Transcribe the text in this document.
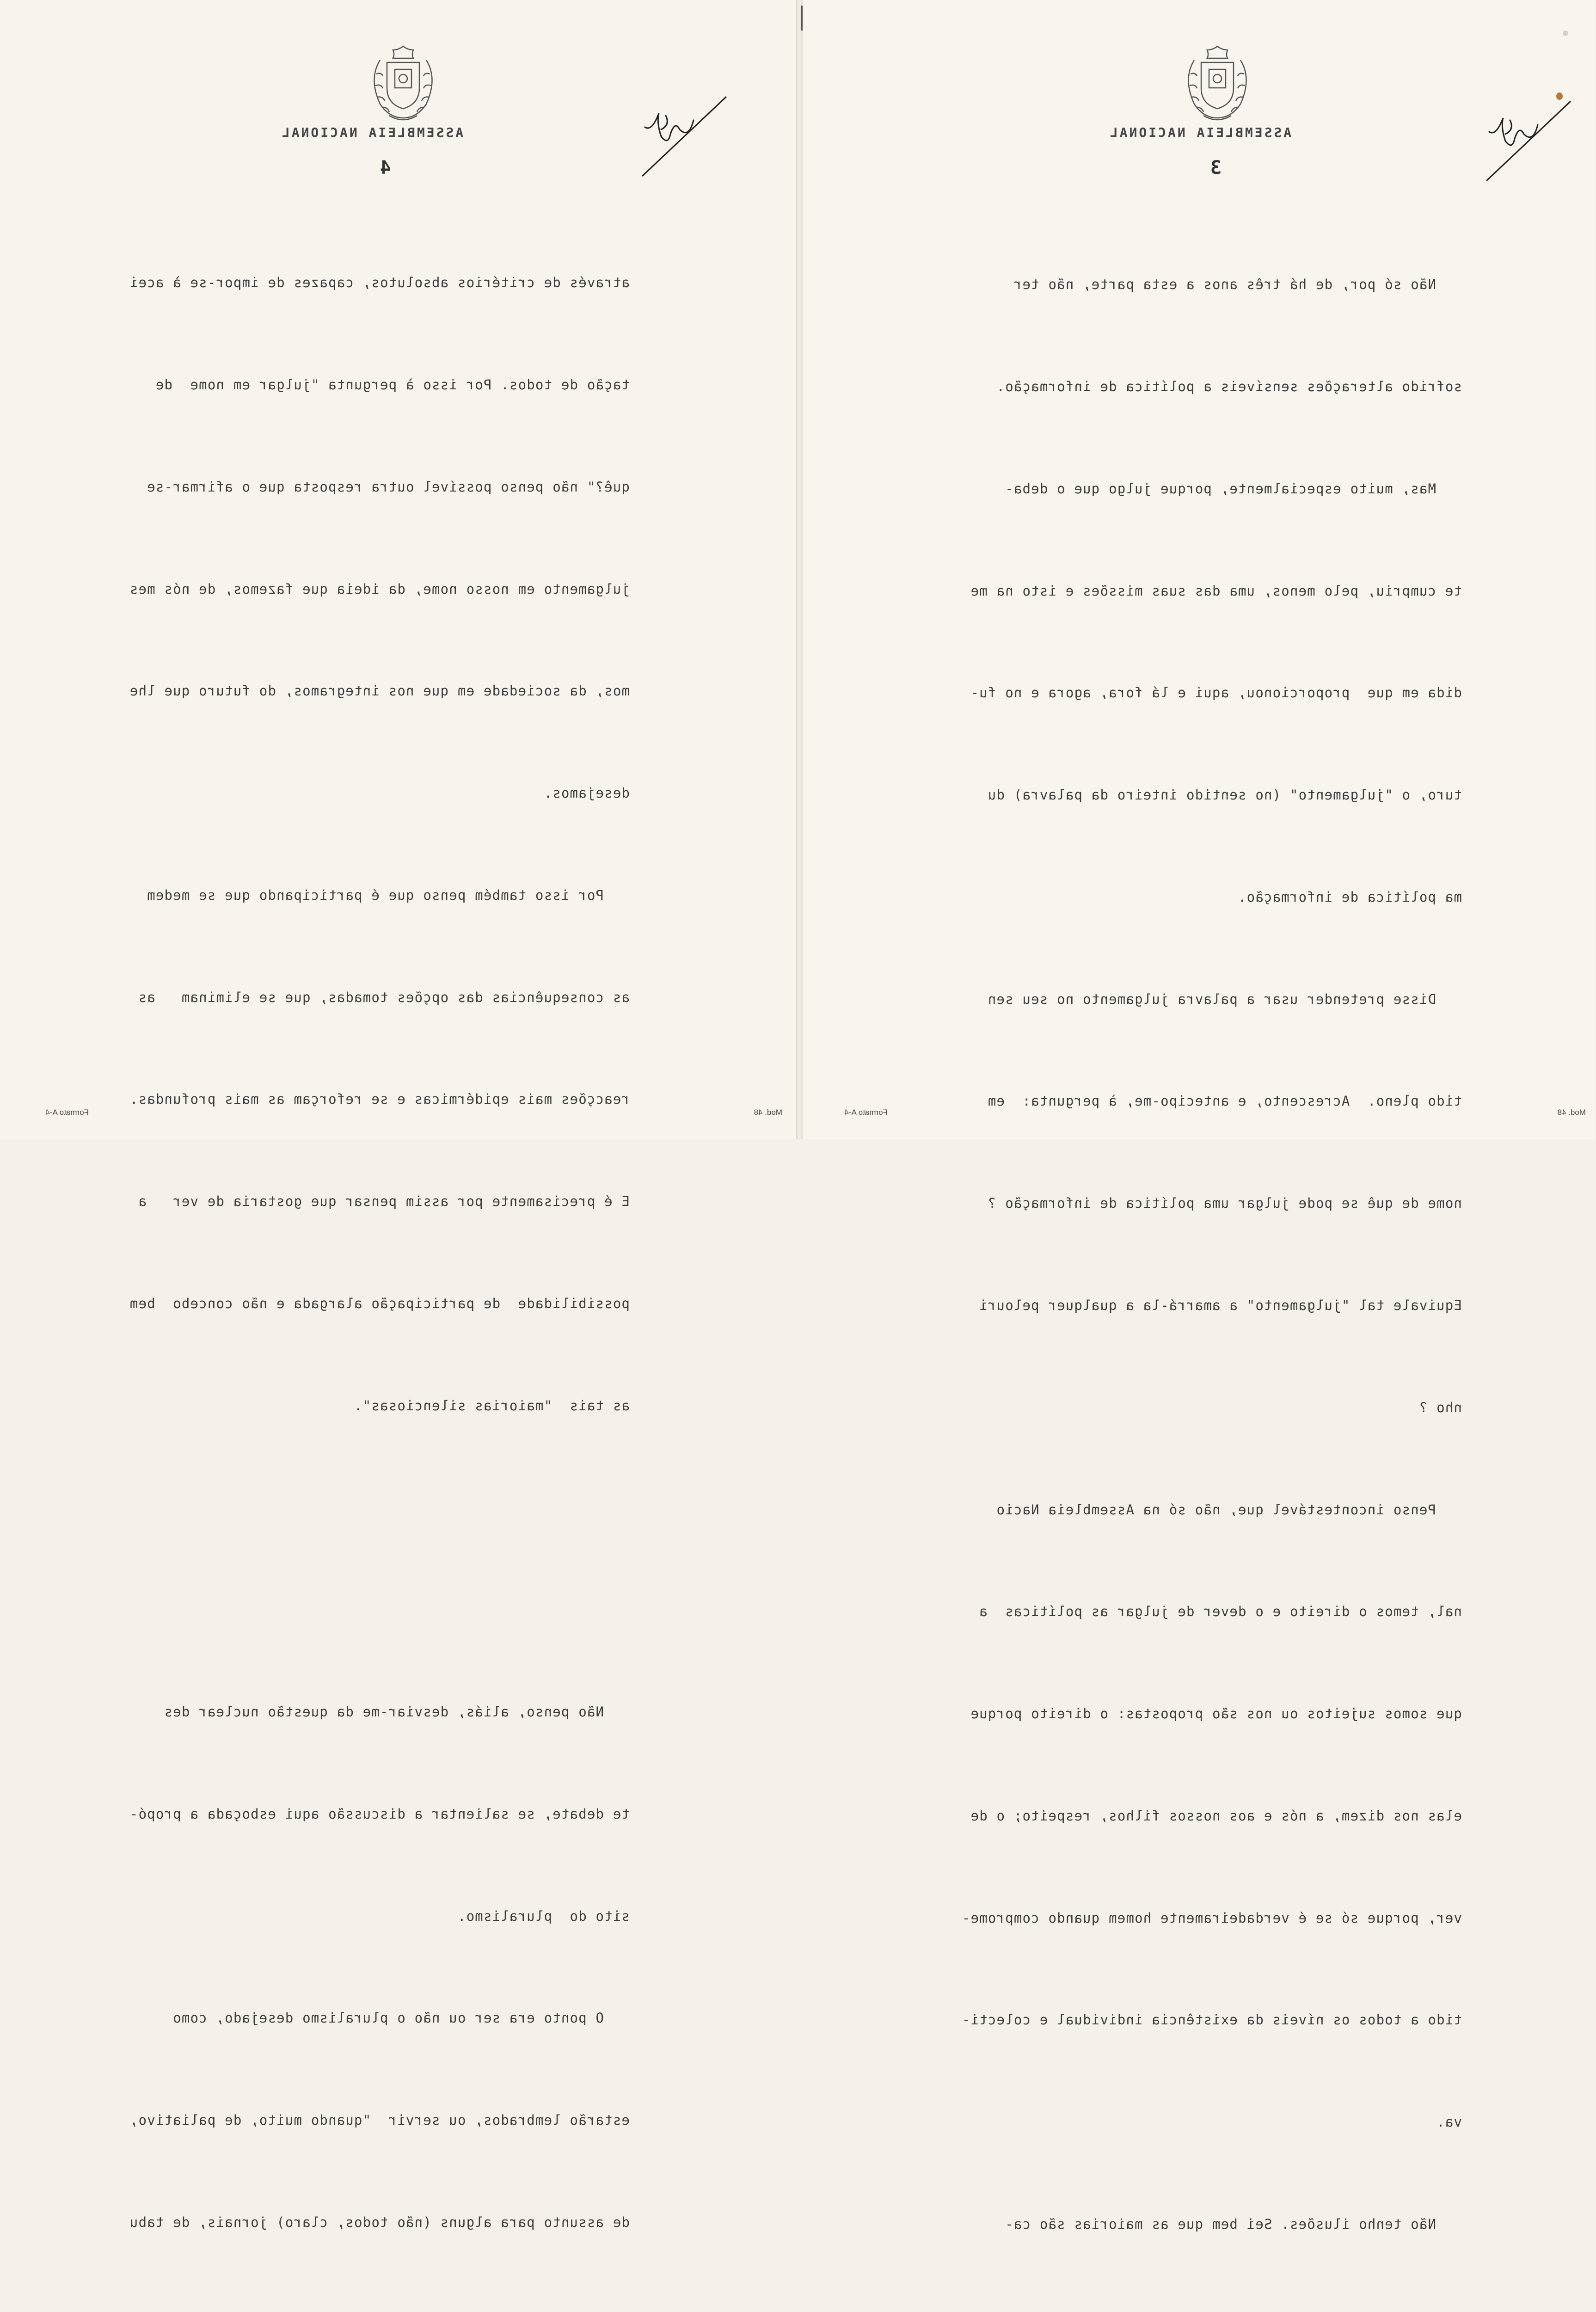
ASSEMBLEIA NACIONAL
4

através de critérios absolutos, capazes de impor-se à acei

tação de todos. Por isso à pergunta "julgar em nome  de

quê?" não penso possível outra resposta que o afirmar-se

julgamento em nosso nome, da ideia que fazemos, de nós mes

mos, da sociedade em que nos integramos, do futuro que lhe

desejamos.

Por isso também penso que é participando que se medem

as consequências das opções tomadas, que se eliminam   as

reacções mais epidérmicas e se reforçam as mais profundas.

E é precisamente por assim pensar que gostaria de ver   a

possibilidade  de participação alargada e não concebo  bem

as tais  "maiorias silenciosas".

Não penso, aliás, desviar-me da questão nuclear des

te debate, se salientar a discussão aqui esboçada a propó-

sito do  pluralismo.

O ponto era ser ou não o pluralismo desejado, como

estarão lembrados, ou servir  "quando muito, de paliativo,

de assunto para alguns (não todos, claro) jornais, de tabu

Formato A-4	Mod. 48
ASSEMBLEIA NACIONAL
3

Não só por, de há três anos a esta parte, não ter

sofrido alterações sensíveis a política de informação.

Mas, muito especialmente, porque julgo que o deba-

te cumpriu, pelo menos, uma das suas missões e isto na me

dida em que  proporcionou, aqui e lá fora, agora e no fu-

turo, o "julgamento" (no sentido inteiro da palavra) du

ma política de informação.

Disse pretender usar a palavra julgamento no seu sen

tido pleno.  Acrescento, e antecipo-me, à pergunta:  em

nome de quê se pode julgar uma política de informação ?

Equivale tal "julgamento" a amarrá-la a qualquer pelouri

nho ?

Penso incontestável que, não só na Assembleia Nacio

nal, temos o direito e o dever de julgar as políticas  a

que somos sujeitos ou nos são propostas: o direito porque

elas nos dizem, a nós e aos nossos filhos, respeito; o de

ver, porque só se é verdadeiramente homem quando comprome-

tido a todos os níveis da existência individual e colecti-

va.

Não tenho ilusões. Sei bem que as maiorias são ca-

Formato A-4	Mod. 48
